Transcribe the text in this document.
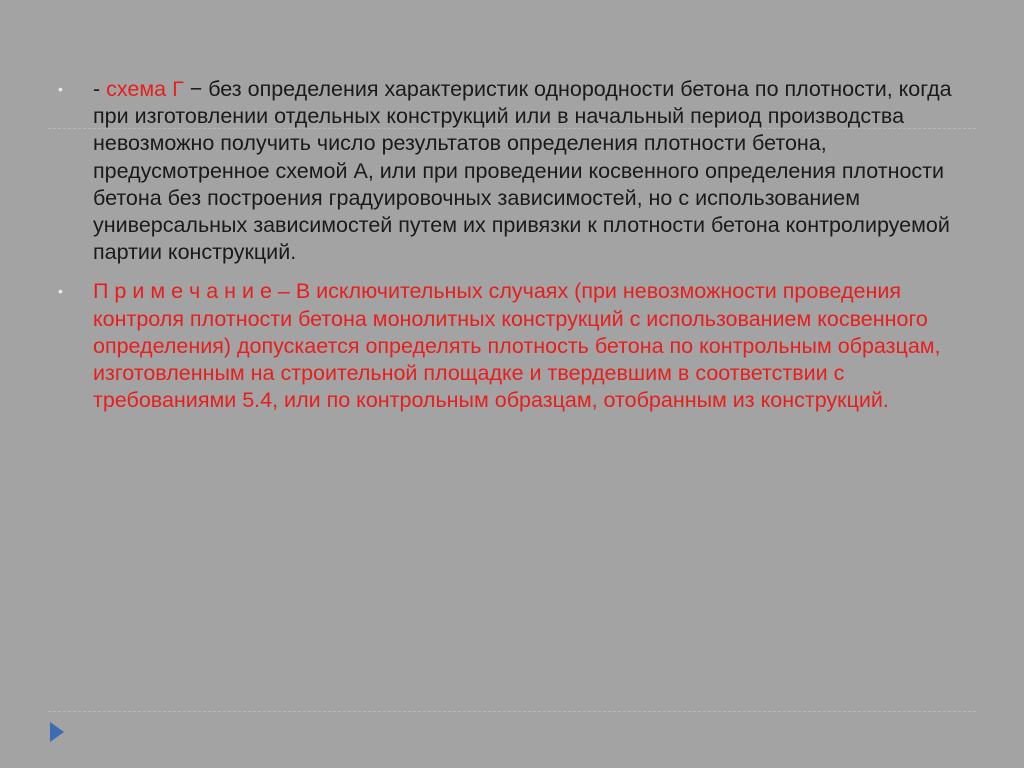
• - схема Г − без определения характеристик однородности бетона по плотности, когда при изготовлении отдельных конструкций или в начальный период производства невозможно получить число результатов определения плотности бетона, предусмотренное схемой А, или при проведении косвенного определения плотности бетона без построения градуировочных зависимостей, но с использованием универсальных зависимостей путем их привязки к плотности бетона контролируемой партии конструкций.
• П р и м е ч а н и е – В исключительных случаях (при невозможности проведения контроля плотности бетона монолитных конструкций с использованием косвенного определения) допускается определять плотность бетона по контрольным образцам, изготовленным на строительной площадке и твердевшим в соответствии с требованиями 5.4, или по контрольным образцам, отобранным из конструкций.
